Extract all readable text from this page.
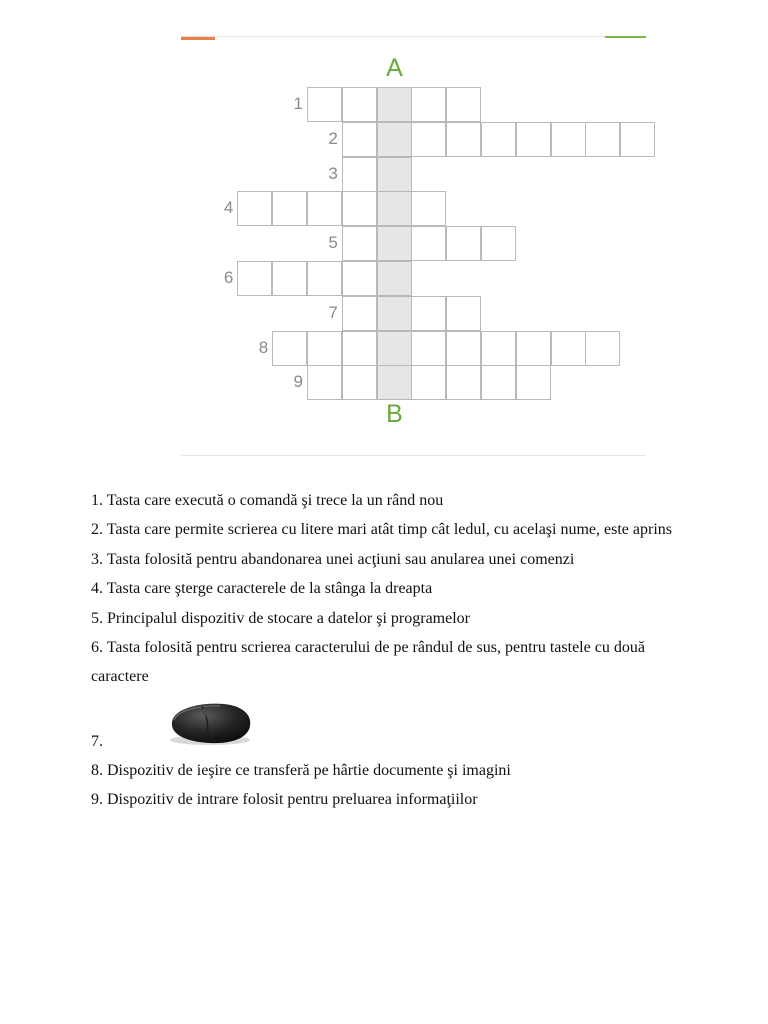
A
1
2
3
4
5
6
7
8
9
B

1. Tasta care execută o comandă şi trece la un rând nou

2. Tasta care permite scrierea cu litere mari atât timp cât ledul, cu acelaşi nume, este aprins

3. Tasta folosită pentru abandonarea unei acţiuni sau anularea unei comenzi

4. Tasta care şterge caracterele de la stânga la dreapta

5. Principalul dispozitiv de stocare a datelor şi programelor

6. Tasta folosită pentru scrierea caracterului de pe rândul de sus, pentru tastele cu două caractere

7.

8. Dispozitiv de ieşire ce transferă pe hârtie documente şi imagini

9. Dispozitiv de intrare folosit pentru preluarea informaţiilor
